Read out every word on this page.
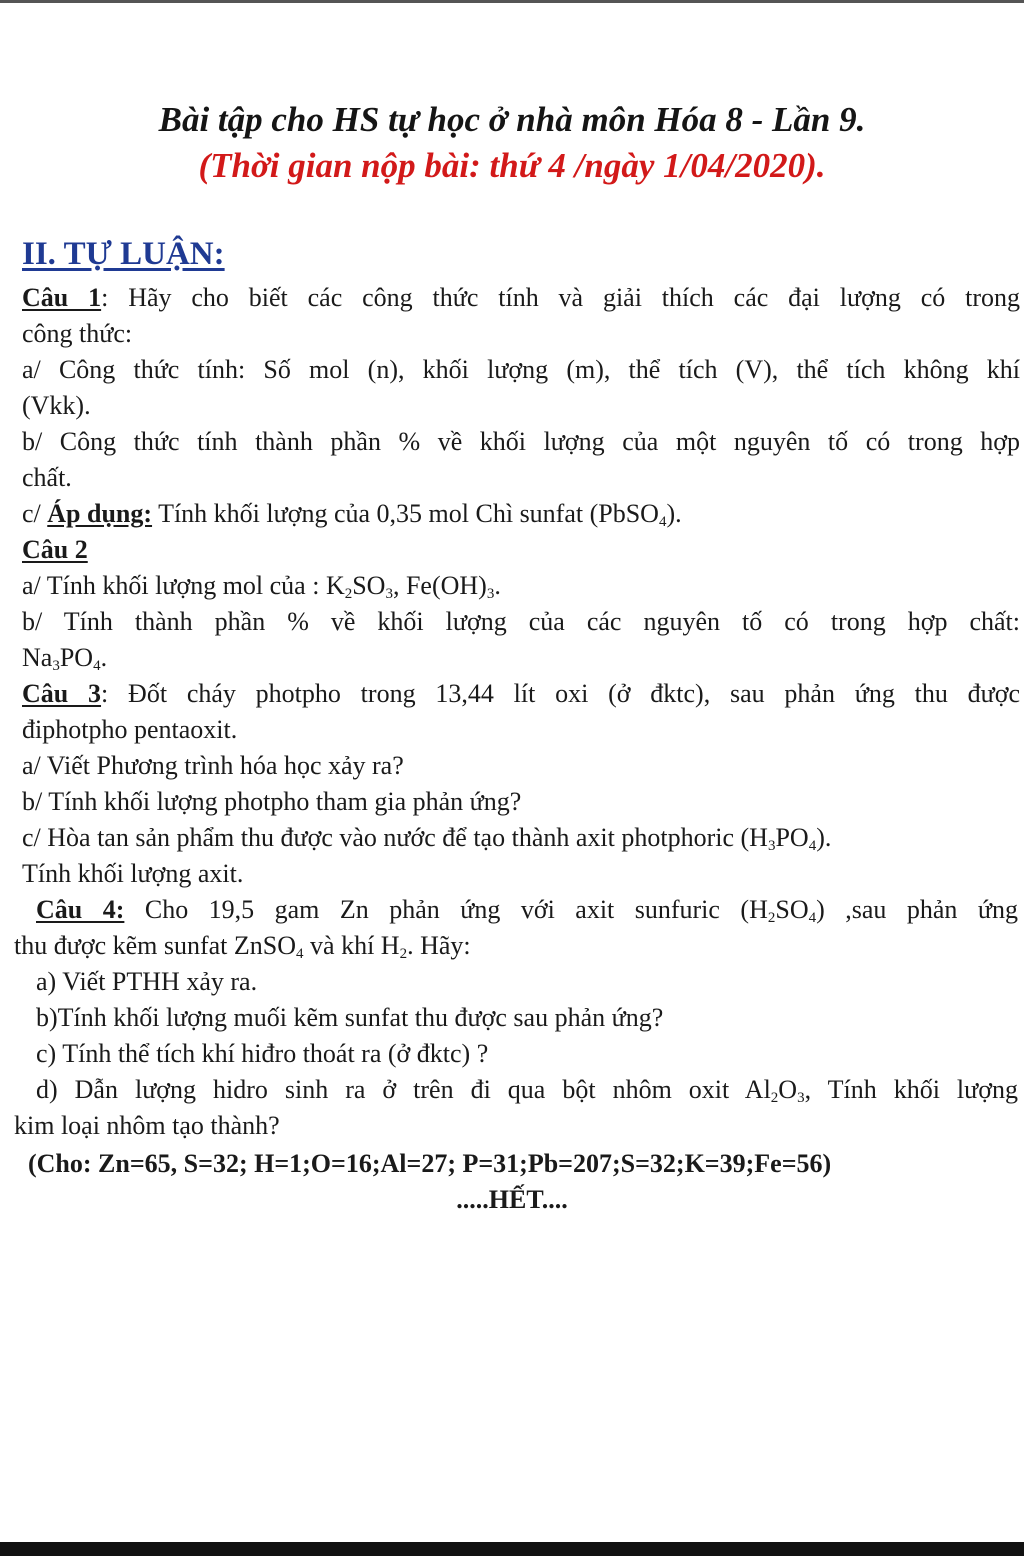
Bài tập cho HS tự học ở nhà môn Hóa 8 - Lần 9.
(Thời gian nộp bài: thứ 4 /ngày 1/04/2020).
II. TỰ LUẬN:
Câu 1: Hãy cho biết các công thức tính và giải thích các đại lượng có trong
công thức:
a/ Công thức tính: Số mol (n), khối lượng (m), thể tích (V), thể tích không khí
(Vkk).
b/ Công thức tính thành phần % về khối lượng của một nguyên tố có trong hợp
chất.
c/ Áp dụng: Tính khối lượng của 0,35 mol Chì sunfat (PbSO$_4$).
Câu 2
a/ Tính khối lượng mol của : $K_2SO_3$, $Fe(OH)_3$.
b/ Tính thành phần % về khối lượng của các nguyên tố có trong hợp chất:
$Na_3PO_4$.
Câu 3: Đốt cháy photpho trong 13,44 lít oxi (ở đktc), sau phản ứng thu được
điphotpho pentaoxit.
a/ Viết Phương trình hóa học xảy ra?
b/ Tính khối lượng photpho tham gia phản ứng?
c/ Hòa tan sản phẩm thu được vào nước để tạo thành axit photphoric $(H_3PO_4)$.
Tính khối lượng axit.
Câu 4: Cho 19,5 gam Zn phản ứng với axit sunfuric $(H_2SO_4)$ ,sau phản ứng
thu được kẽm sunfat ZnSO$_4$ và khí $H_2$. Hãy:
a) Viết PTHH xảy ra.
b)Tính khối lượng muối kẽm sunfat thu được sau phản ứng?
c) Tính thể tích khí hiđro thoát ra (ở đktc) ?
d) Dẫn lượng hidro sinh ra ở trên đi qua bột nhôm oxit $Al_2O_3$, Tính khối lượng
kim loại nhôm tạo thành?
(Cho: Zn=65, S=32; H=1;O=16;Al=27; P=31;Pb=207;S=32;K=39;Fe=56)
.....HẾT....
